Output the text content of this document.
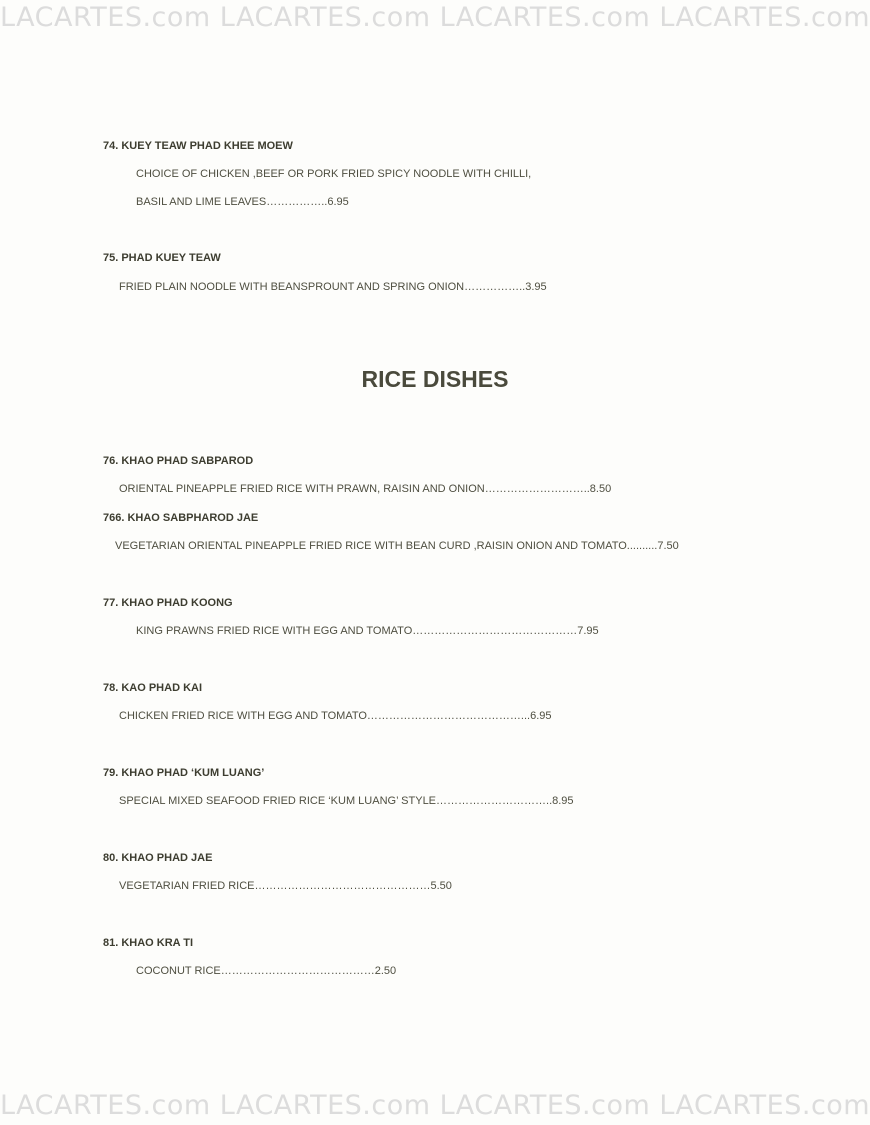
LACARTES.com LACARTES.com LACARTES.com LACARTES.com
74. KUEY TEAW PHAD KHEE MOEW
CHOICE OF CHICKEN ,BEEF OR PORK FRIED SPICY NOODLE WITH CHILLI,
BASIL AND LIME LEAVES……………..6.95
75. PHAD KUEY TEAW
FRIED PLAIN NOODLE WITH BEANSPROUNT AND SPRING ONION……………..3.95
RICE DISHES
76. KHAO PHAD SABPAROD
ORIENTAL PINEAPPLE FRIED RICE WITH PRAWN, RAISIN AND ONION………………………..8.50
766. KHAO SABPHAROD JAE
VEGETARIAN ORIENTAL PINEAPPLE FRIED RICE WITH BEAN CURD ,RAISIN ONION AND TOMATO..........7.50
77. KHAO PHAD KOONG
KING PRAWNS FRIED RICE WITH EGG AND TOMATO………………………………………7.95
78. KAO PHAD KAI
CHICKEN FRIED RICE WITH EGG AND TOMATO……………………………………...6.95
79. KHAO PHAD ‘KUM LUANG’
SPECIAL MIXED SEAFOOD FRIED RICE ‘KUM LUANG’ STYLE…………………………..8.95
80. KHAO PHAD JAE
VEGETARIAN FRIED RICE…………………………………………5.50
81. KHAO KRA TI
COCONUT RICE……………………………………2.50
LACARTES.com LACARTES.com LACARTES.com LACARTES.com
